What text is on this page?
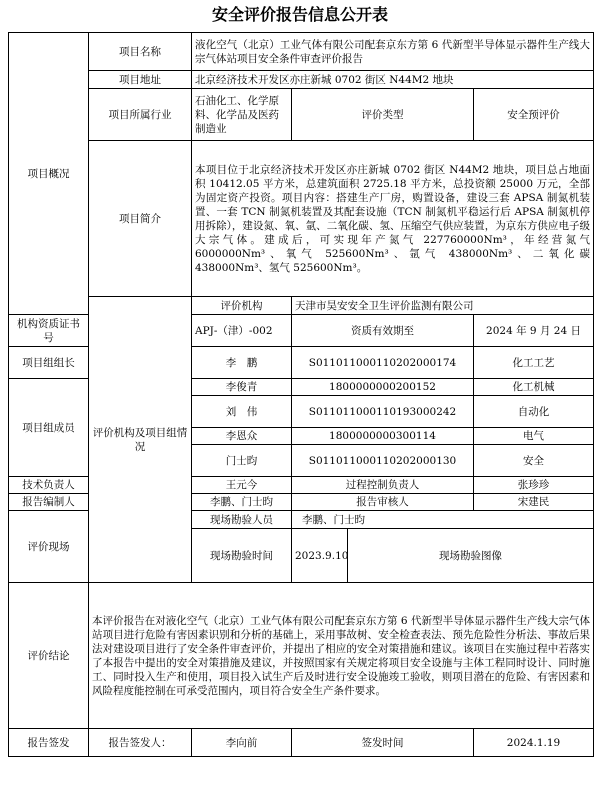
安全评价报告信息公开表
项目概况	项目名称	液化空气（北京）工业气体有限公司配套京东方第 6 代新型半导体显示器件生产线大宗气体站项目安全条件审查评价报告				
	项目地址	北京经济技术开发区亦庄新城 0702 街区 N44M2 地块				
	项目所属行业	石油化工、化学原料、化学品及医药制造业	评价类型		安全预评价	
	项目简介	本项目位于北京经济技术开发区亦庄新城 0702 街区 N44M2 地块，项目总占地面积 10412.05 平方米，总建筑面积 2725.18 平方米，总投资额 25000 万元，全部为固定资产投资。项目内容：搭建生产厂房，购置设备，建设三套 APSA 制氮机装置、一套 TCN 制氮机装置及其配套设施（TCN 制氮机平稳运行后 APSA 制氮机停用拆除），建设氮、氧、氩、二氧化碳、氢、压缩空气供应装置，为京东方供应电子级大宗气体。建成后，可实现年产氮气 227760000Nm³，年经营氮气 6000000Nm³、氧气 525600Nm³、氩气 438000Nm³、二氧化碳 438000Nm³、氢气 525600Nm³。				
	评价机构及项目组情况	评价机构	天津市昊安安全卫生评价监测有限公司			
机构资质证书号		APJ-（津）-002	资质有效期至		2024 年 9 月 24 日	
项目组组长		李　鹏	S011011000110202000174		化工工艺	
项目组成员		李俊青	1800000000200152		化工机械	
		刘　伟	S011011000110193000242		自动化	
		李恩众	1800000000300114		电气	
		门士昀	S011011000110202000130		安全	
技术负责人		王元今	过程控制负责人		张珍珍	
报告编制人		李鹏、门士昀	报告审核人		宋建民	
评价现场		现场勘验人员	李鹏、门士昀			
		现场勘验时间	2023.9.10	现场勘验图像		
评价结论	本评价报告在对液化空气（北京）工业气体有限公司配套京东方第 6 代新型半导体显示器件生产线大宗气体站项目进行危险有害因素识别和分析的基础上，采用事故树、安全检查表法、预先危险性分析法、事故后果法对建设项目进行了安全条件审查评价，并提出了相应的安全对策措施和建议。该项目在实施过程中若落实了本报告中提出的安全对策措施及建议，并按照国家有关规定将项目安全设施与主体工程同时设计、同时施工、同时投入生产和使用，项目投入试生产后及时进行安全设施竣工验收，则项目潜在的危险、有害因素和风险程度能控制在可承受范围内，项目符合安全生产条件要求。					
报告签发	报告签发人：	李向前	签发时间		2024.1.19	
